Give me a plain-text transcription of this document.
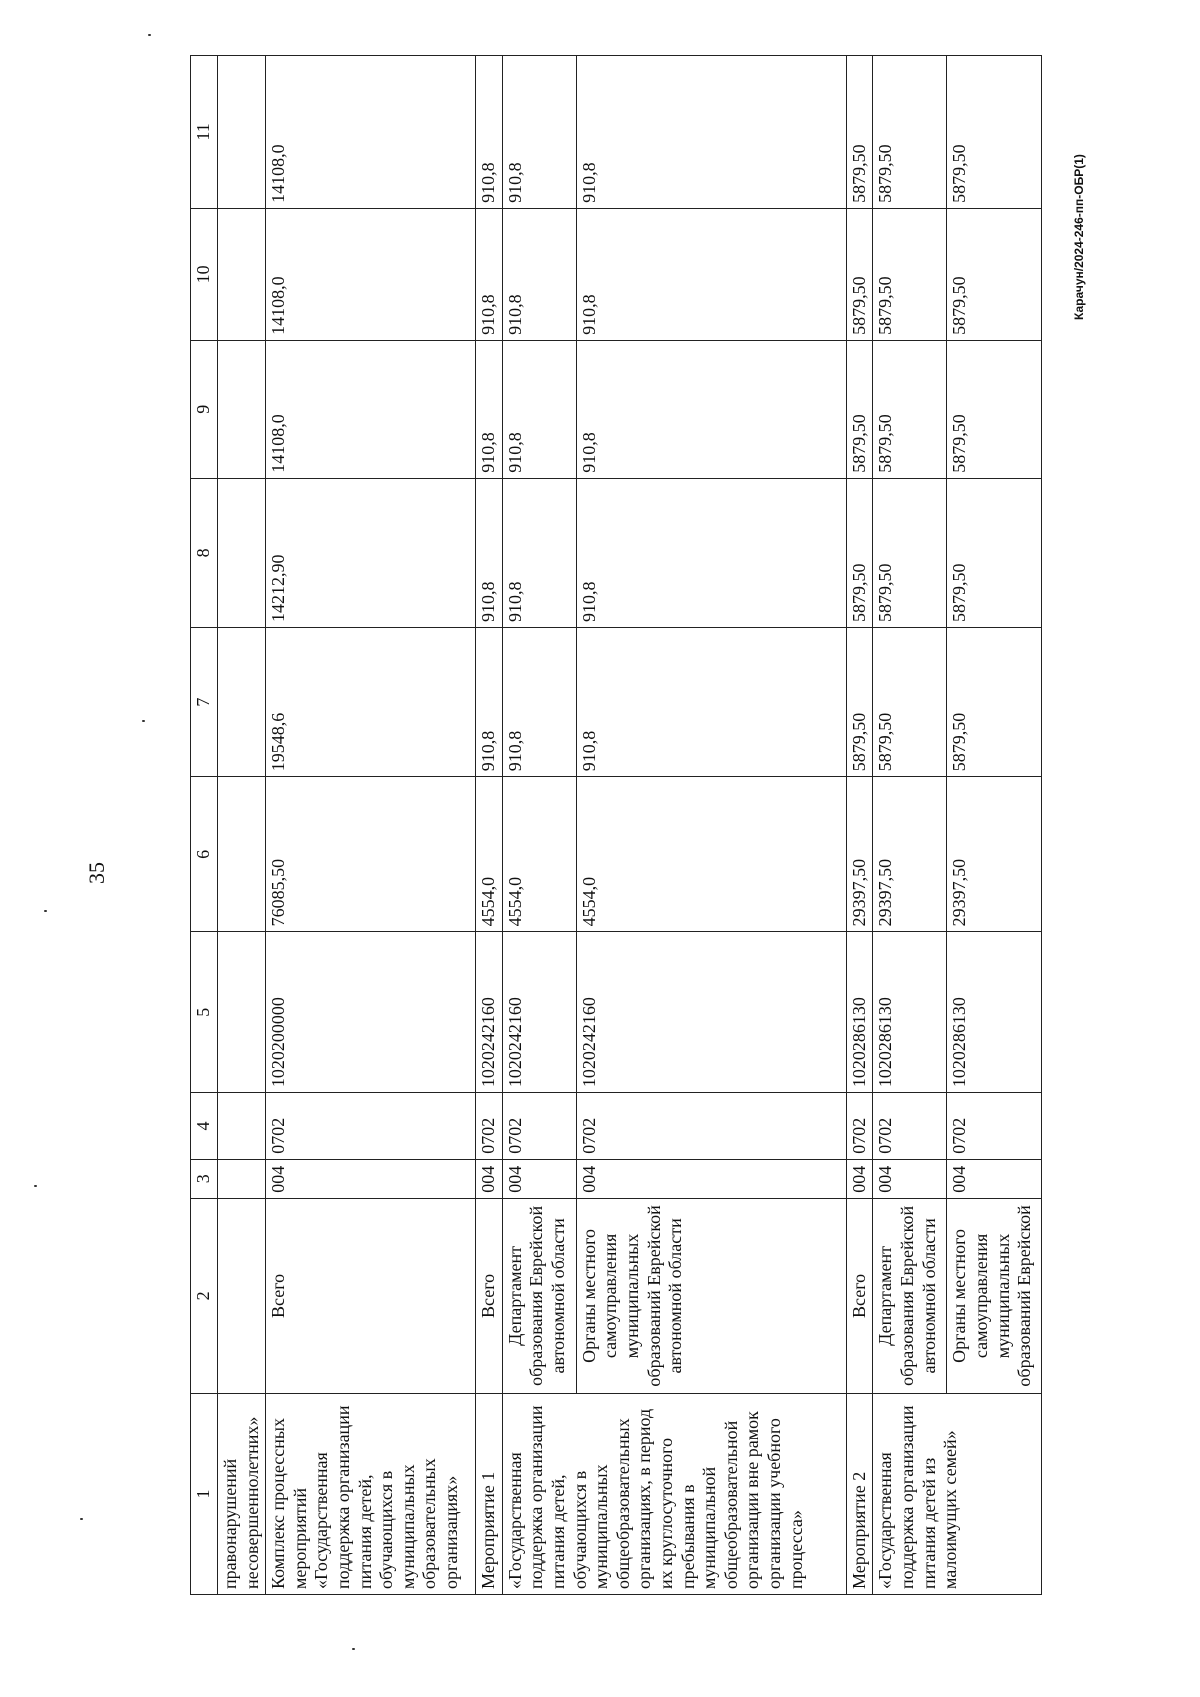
35
Карачун/2024-246-пп-ОБР(1)
1	2	3	4	5	6	7	8	9	10	11
правонарушений несовершеннолетних»										
Комплекс процессных мероприятий «Государственная поддержка организации питания детей, обучающихся в муниципальных образовательных организациях»	Всего	004	0702	1020200000	76085,50	19548,6	14212,90	14108,0	14108,0	14108,0
Мероприятие 1	Всего	004	0702	1020242160	4554,0	910,8	910,8	910,8	910,8	910,8
«Государственная поддержка организации питания детей, обучающихся в муниципальных общеобразовательных организациях, в период их круглосуточного пребывания в муниципальной общеобразовательной организации вне рамок организации учебного процесса»	Департамент образования Еврейской автономной области	004	0702	1020242160	4554,0	910,8	910,8	910,8	910,8	910,8
	Органы местного самоуправления муниципальных образований Еврейской автономной области	004	0702	1020242160	4554,0	910,8	910,8	910,8	910,8	910,8
Мероприятие 2	Всего	004	0702	1020286130	29397,50	5879,50	5879,50	5879,50	5879,50	5879,50
«Государственная поддержка организации питания детей из малоимущих семей»	Департамент образования Еврейской автономной области	004	0702	1020286130	29397,50	5879,50	5879,50	5879,50	5879,50	5879,50
	Органы местного самоуправления муниципальных образований Еврейской	004	0702	1020286130	29397,50	5879,50	5879,50	5879,50	5879,50	5879,50
